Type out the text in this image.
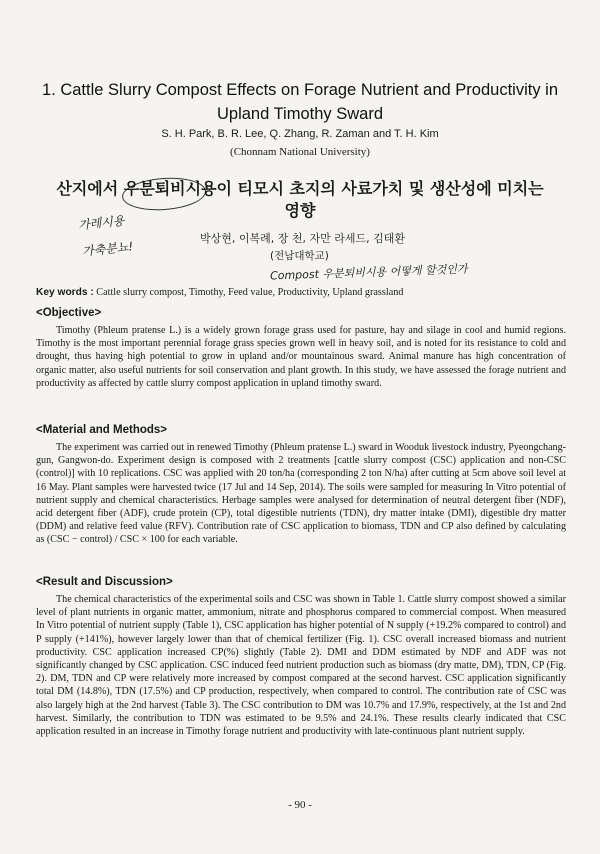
1. Cattle Slurry Compost Effects on Forage Nutrient and Productivity in Upland Timothy Sward
S. H. Park, B. R. Lee, Q. Zhang, R. Zaman and T. H. Kim
(Chonnam National University)
산지에서 우분퇴비시용이 티모시 초지의 사료가치 및 생산성에 미치는
영향
가레시용
가축분뇨!
박상현, 이복례, 장 천, 자만 라세드, 김태환
(전남대학교)
Compost 우분퇴비시용 어떻게 할것인가
Key words : Cattle slurry compost, Timothy, Feed value, Productivity, Upland grassland
<Objective>
Timothy (Phleum pratense L.) is a widely grown forage grass used for pasture, hay and silage in cool and humid regions. Timothy is the most important perennial forage grass species grown well in heavy soil, and is noted for its resistance to cold and drought, thus having high potential to grow in upland and/or mountainous sward. Animal manure has high concentration of organic matter, also useful nutrients for soil conservation and plant growth. In this study, we have assessed the forage nutrient and productivity as affected by cattle slurry compost application in upland timothy sward.
<Material and Methods>
The experiment was carried out in renewed Timothy (Phleum pratense L.) sward in Wooduk livestock industry, Pyeongchang-gun, Gangwon-do. Experiment design is composed with 2 treatments [cattle slurry compost (CSC) application and non-CSC (control)] with 10 replications. CSC was applied with 20 ton/ha (corresponding 2 ton N/ha) after cutting at 5cm above soil level at 16 May. Plant samples were harvested twice (17 Jul and 14 Sep, 2014). The soils were sampled for measuring In Vitro potential of nutrient supply and chemical characteristics. Herbage samples were analysed for determination of neutral detergent fiber (NDF), acid detergent fiber (ADF), crude protein (CP), total digestible nutrients (TDN), dry matter intake (DMI), digestible dry matter (DDM) and relative feed value (RFV). Contribution rate of CSC application to biomass, TDN and CP also defined by calculating as (CSC − control) / CSC × 100 for each variable.
<Result and Discussion>
The chemical characteristics of the experimental soils and CSC was shown in Table 1. Cattle slurry compost showed a similar level of plant nutrients in organic matter, ammonium, nitrate and phosphorus compared to commercial compost. When measured In Vitro potential of nutrient supply (Table 1), CSC application has higher potential of N supply (+19.2% compared to control) and P supply (+141%), however largely lower than that of chemical fertilizer (Fig. 1). CSC overall increased biomass and nutrient productivity. CSC application increased CP(%) slightly (Table 2). DMI and DDM estimated by NDF and ADF was not significantly changed by CSC application. CSC induced feed nutrient production such as biomass (dry matte, DM), TDN, CP (Fig. 2). DM, TDN and CP were relatively more increased by compost compared at the second harvest. CSC application significantly total DM (14.8%), TDN (17.5%) and CP production, respectively, when compared to control. The contribution rate of CSC was also largely high at the 2nd harvest (Table 3). The CSC contribution to DM was 10.7% and 17.9%, respectively, at the 1st and 2nd harvest. Similarly, the contribution to TDN was estimated to be 9.5% and 24.1%. These results clearly indicated that CSC application resulted in an increase in Timothy forage nutrient and productivity with late-continuous plant nutrient supply.
- 90 -
